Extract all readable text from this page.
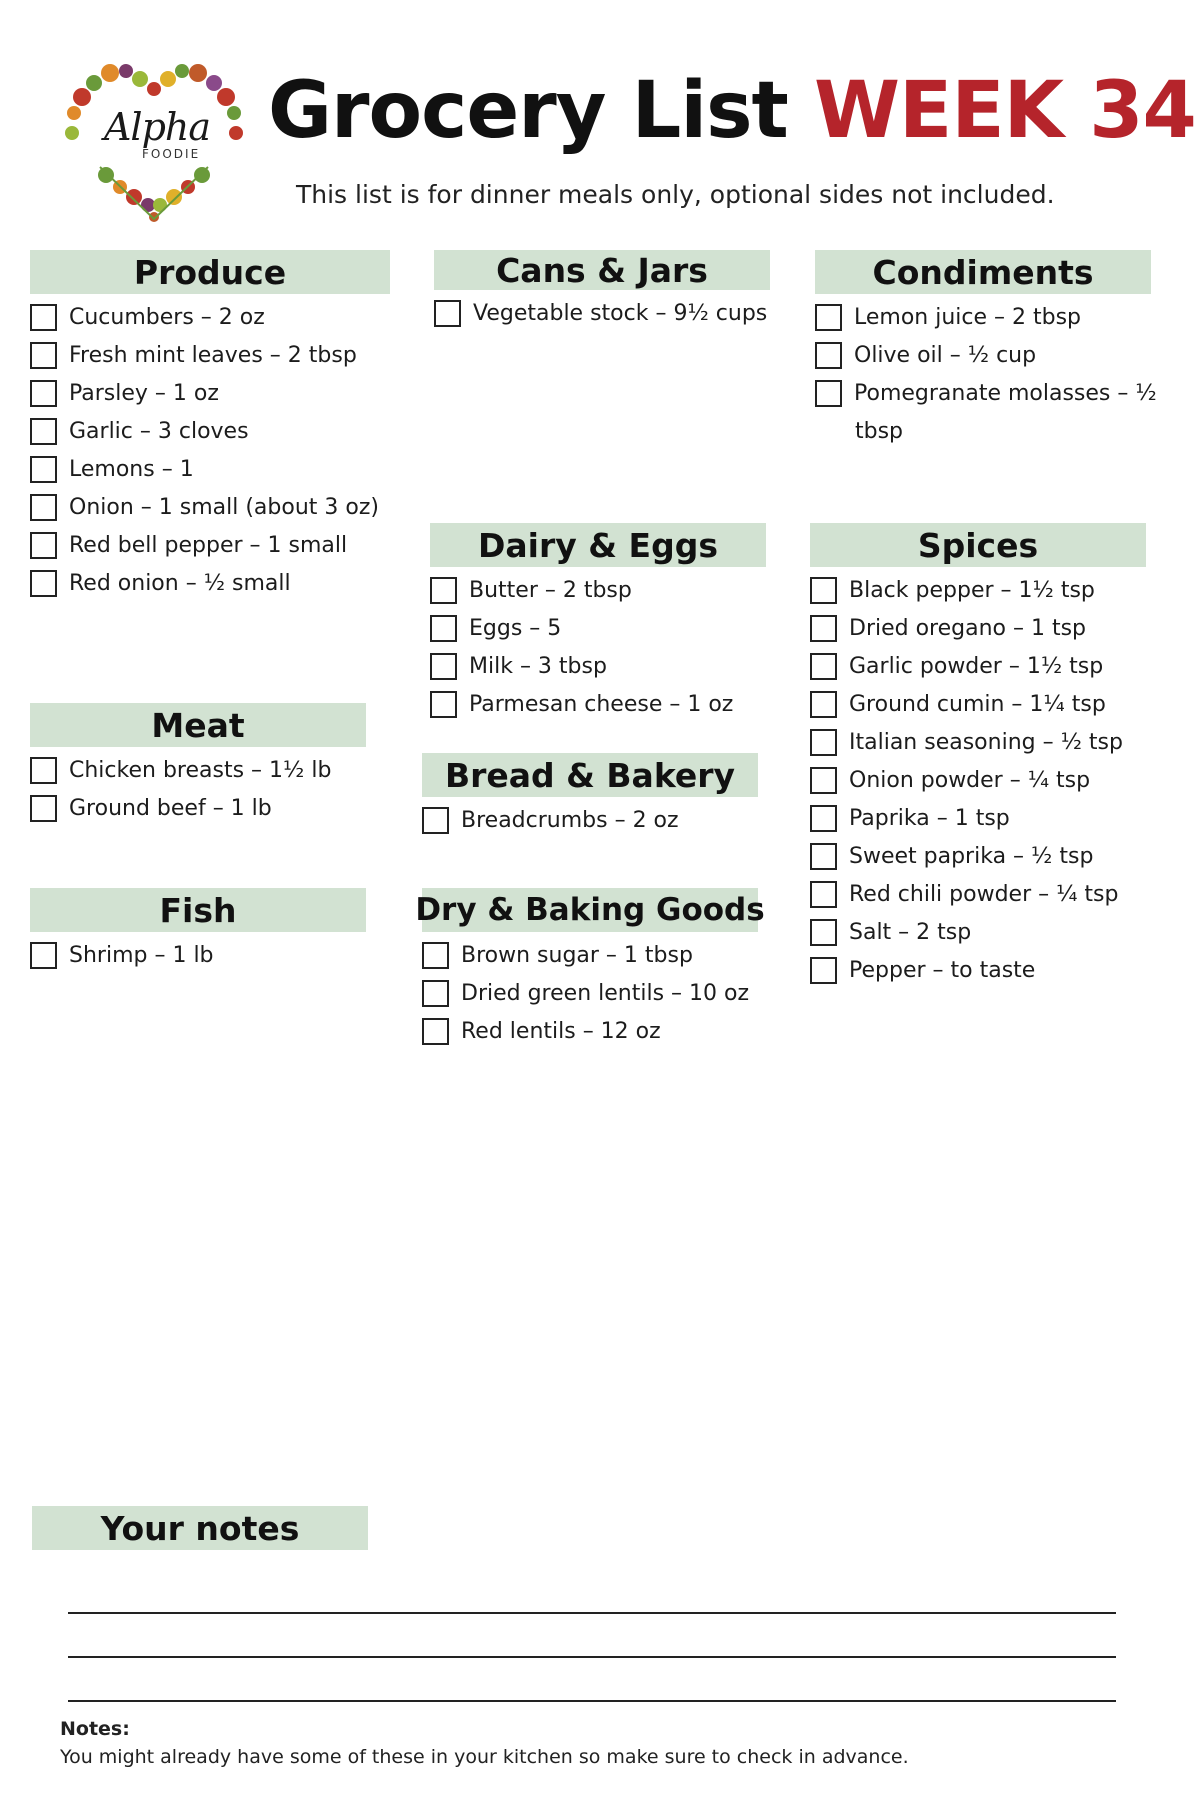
Alpha
FOODIE Grocery List WEEK 34
This list is for dinner meals only, optional sides not included.
Produce
Cucumbers – 2 oz
Fresh mint leaves – 2 tbsp
Parsley – 1 oz
Garlic – 3 cloves
Lemons – 1
Onion – 1 small (about 3 oz)
Red bell pepper – 1 small
Red onion – ½ small
Meat
Chicken breasts – 1½ lb
Ground beef – 1 lb
Fish
Shrimp – 1 lb
Cans & Jars
Vegetable stock – 9½ cups
Dairy & Eggs
Butter – 2 tbsp
Eggs – 5
Milk – 3 tbsp
Parmesan cheese – 1 oz
Bread & Bakery
Breadcrumbs – 2 oz
Dry & Baking Goods
Brown sugar – 1 tbsp
Dried green lentils – 10 oz
Red lentils – 12 oz
Condiments
Lemon juice – 2 tbsp
Olive oil – ½ cup
Pomegranate molasses – ½
tbsp
Spices
Black pepper – 1½ tsp
Dried oregano – 1 tsp
Garlic powder – 1½ tsp
Ground cumin – 1¼ tsp
Italian seasoning – ½ tsp
Onion powder – ¼ tsp
Paprika – 1 tsp
Sweet paprika – ½ tsp
Red chili powder – ¼ tsp
Salt – 2 tsp
Pepper – to taste
Your notes
Notes:
You might already have some of these in your kitchen so make sure to check in advance.
